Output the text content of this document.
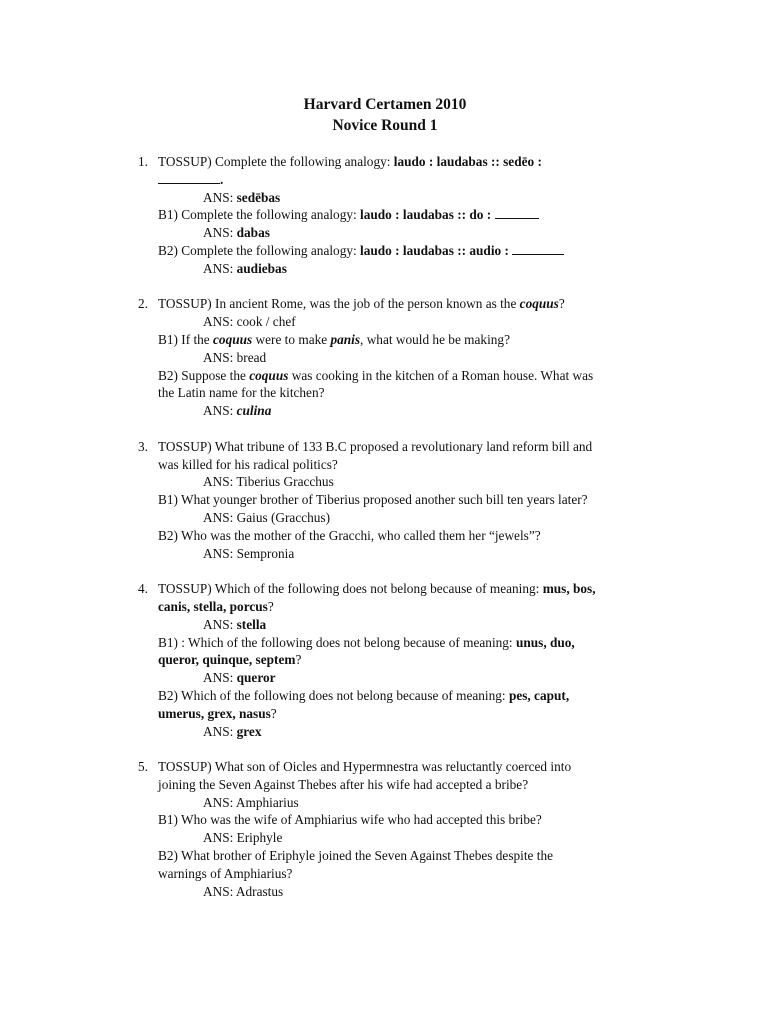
Harvard Certamen 2010
Novice Round 1
1. TOSSUP) Complete the following analogy: laudo : laudabas :: sedēo :
.
ANS: sedēbas
B1) Complete the following analogy: laudo : laudabas :: do :
ANS: dabas
B2) Complete the following analogy: laudo : laudabas :: audio :
ANS: audiebas
2. TOSSUP) In ancient Rome, was the job of the person known as the coquus?
ANS: cook / chef
B1) If the coquus were to make panis, what would he be making?
ANS: bread
B2) Suppose the coquus was cooking in the kitchen of a Roman house. What was
the Latin name for the kitchen?
ANS: culina
3. TOSSUP) What tribune of 133 B.C proposed a revolutionary land reform bill and
was killed for his radical politics?
ANS: Tiberius Gracchus
B1) What younger brother of Tiberius proposed another such bill ten years later?
ANS: Gaius (Gracchus)
B2) Who was the mother of the Gracchi, who called them her “jewels”?
ANS: Sempronia
4. TOSSUP) Which of the following does not belong because of meaning: mus, bos,
canis, stella, porcus?
ANS: stella
B1) : Which of the following does not belong because of meaning: unus, duo,
queror, quinque, septem?
ANS: queror
B2) Which of the following does not belong because of meaning: pes, caput,
umerus, grex, nasus?
ANS: grex
5. TOSSUP) What son of Oicles and Hypermnestra was reluctantly coerced into
joining the Seven Against Thebes after his wife had accepted a bribe?
ANS: Amphiarius
B1) Who was the wife of Amphiarius wife who had accepted this bribe?
ANS: Eriphyle
B2) What brother of Eriphyle joined the Seven Against Thebes despite the
warnings of Amphiarius?
ANS: Adrastus
